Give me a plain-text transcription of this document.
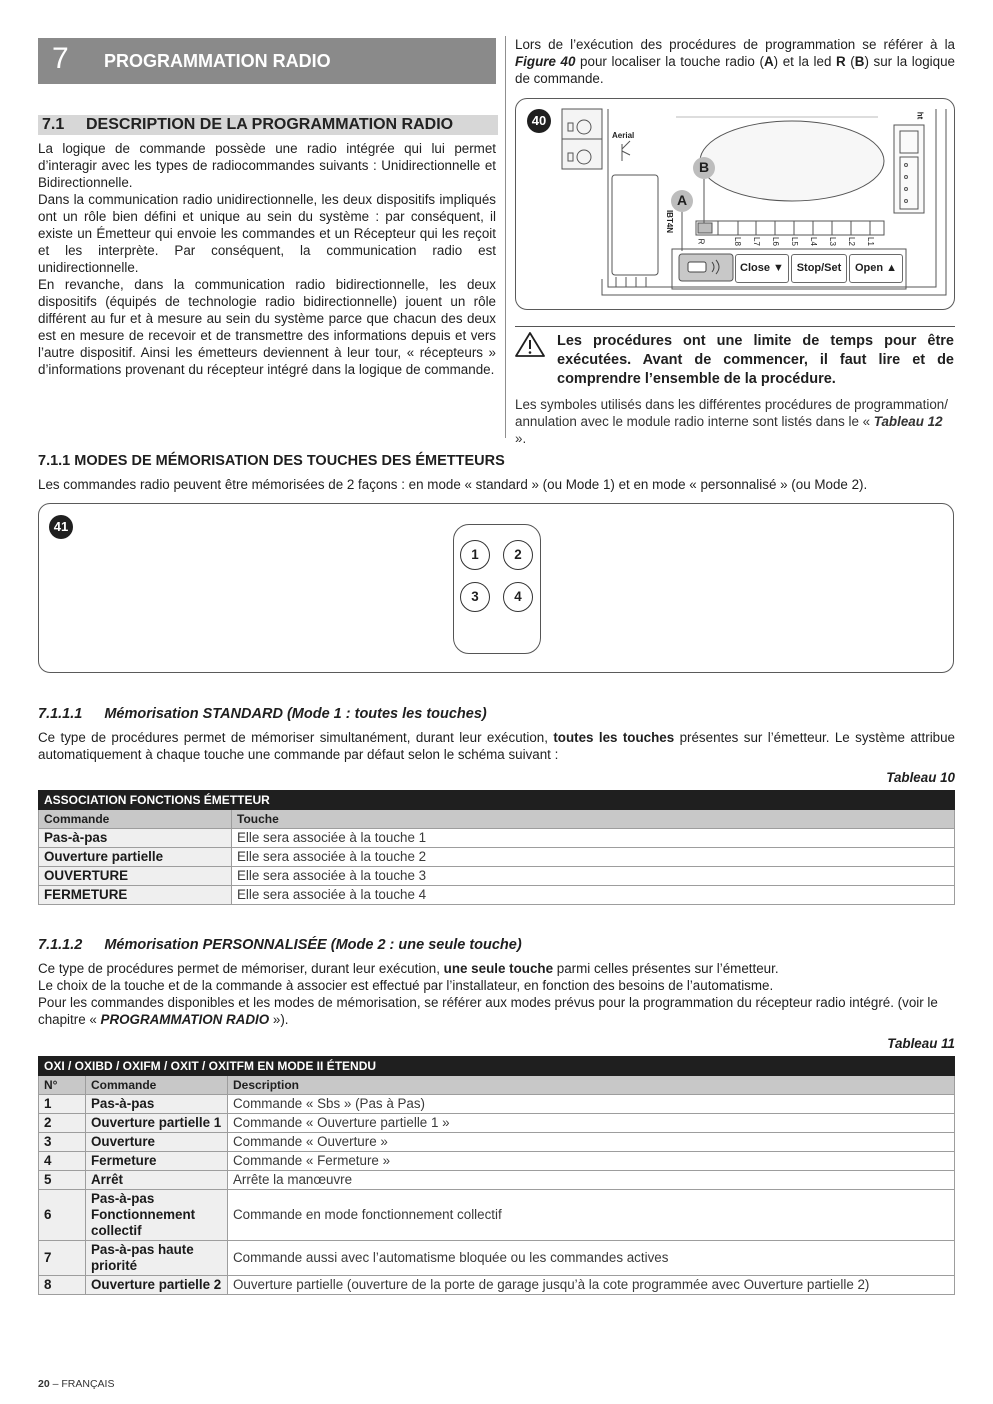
7 PROGRAMMATION RADIO
7.1 DESCRIPTION DE LA PROGRAMMATION RADIO

La logique de commande possède une radio intégrée qui lui permet d’interagir avec les types de radiocommandes suivants : Unidirectionnelle et Bidirectionnelle.

Dans la communication radio unidirectionnelle, les deux dispositifs impliqués ont un rôle bien défini et unique au sein du système : par conséquent, il existe un Émetteur qui envoie les commandes et un Récepteur qui les reçoit et les interprète. Par conséquent, la communication radio est unidirectionnelle.

En revanche, dans la communication radio bidirectionnelle, les deux dispositifs (équipés de technologie radio bidirectionnelle) jouent un rôle différent au fur et à mesure au sein du système parce que chacun des deux est en mesure de recevoir et de transmettre des informations depuis et vers l’autre dispositif. Ainsi les émetteurs deviennent à leur tour, « récepteurs » d’informations provenant du récepteur intégré dans la logique de commande.

Lors de l’exécution des procédures de programmation se référer à la Figure 40 pour localiser la touche radio (A) et la led R (B) sur la logique de commande.

40
Aerial
IBT4N
ht
A
B
R	L8 L7 L6 L5 L4 L3 L2 L1
Close ▼	Stop/Set	Open ▲

Les procédures ont une limite de temps pour être exécutées. Avant de commencer, il faut lire et de comprendre l’ensemble de la procédure.

Les symboles utilisés dans les différentes procédures de programmation/ annulation avec le module radio interne sont listés dans le « Tableau 12 ».

7.1.1 MODES DE MÉMORISATION DES TOUCHES DES ÉMETTEURS

Les commandes radio peuvent être mémorisées de 2 façons : en mode « standard » (ou Mode 1) et en mode « personnalisé » (ou Mode 2).

41
1	2
3	4
7.1.1.1 Mémorisation STANDARD (Mode 1 : toutes les touches)

Ce type de procédures permet de mémoriser simultanément, durant leur exécution, toutes les touches présentes sur l’émetteur. Le système attribue automatiquement à chaque touche une commande par défaut selon le schéma suivant :

Tableau 10
ASSOCIATION FONCTIONS ÉMETTEUR	
Commande	Touche
Pas-à-pas	Elle sera associée à la touche 1
Ouverture partielle	Elle sera associée à la touche 2
OUVERTURE	Elle sera associée à la touche 3
FERMETURE	Elle sera associée à la touche 4
7.1.1.2 Mémorisation PERSONNALISÉE (Mode 2 : une seule touche)

Ce type de procédures permet de mémoriser, durant leur exécution, une seule touche parmi celles présentes sur l’émetteur.

Le choix de la touche et de la commande à associer est effectué par l’installateur, en fonction des besoins de l’automatisme.

Pour les commandes disponibles et les modes de mémorisation, se référer aux modes prévus pour la programmation du récepteur radio intégré. (voir le chapitre « PROGRAMMATION RADIO »).

Tableau 11
OXI / OXIBD / OXIFM / OXIT / OXITFM EN MODE II ÉTENDU		
N°	Commande	Description
1	Pas-à-pas	Commande « Sbs » (Pas à Pas)
2	Ouverture partielle 1	Commande « Ouverture partielle 1 »
3	Ouverture	Commande « Ouverture »
4	Fermeture	Commande « Fermeture »
5	Arrêt	Arrête la manœuvre
6	Pas-à-pas Fonctionnement collectif	Commande en mode fonctionnement collectif
7	Pas-à-pas haute priorité	Commande aussi avec l’automatisme bloquée ou les commandes actives
8	Ouverture partielle 2	Ouverture partielle (ouverture de la porte de garage jusqu’à la cote programmée avec Ouverture partielle 2)
20 – FRANÇAIS
